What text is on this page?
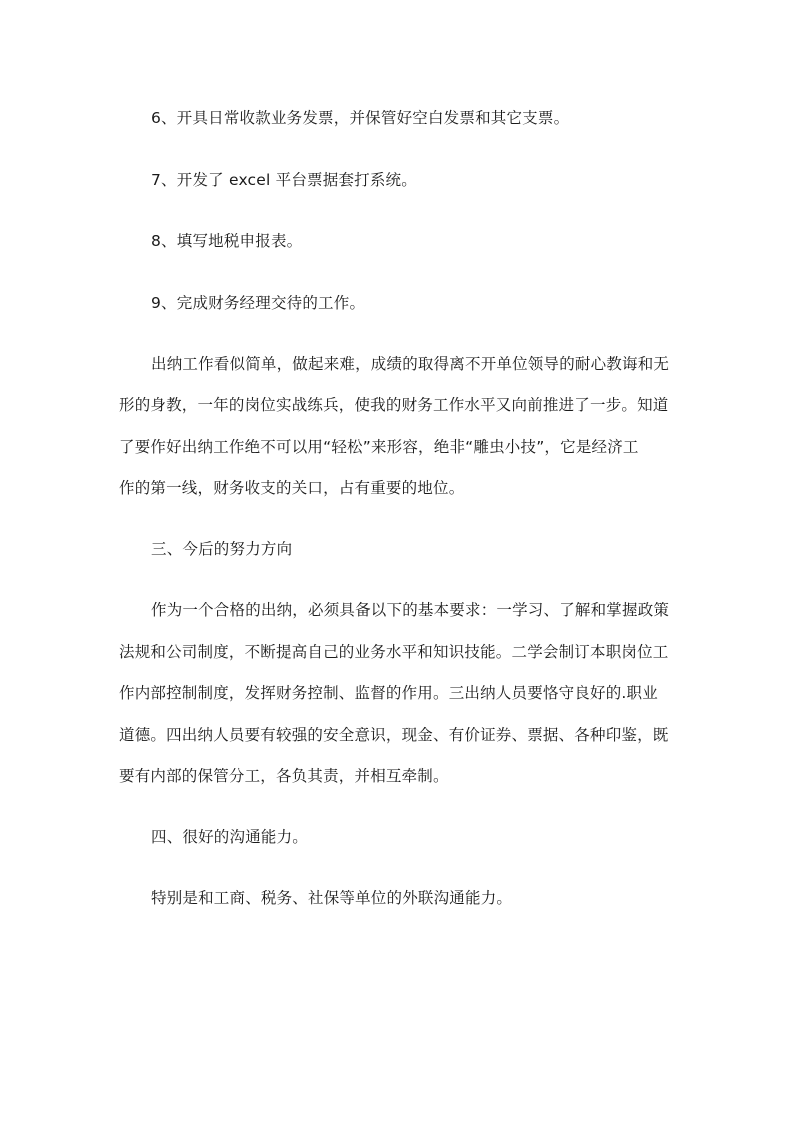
6、开具日常收款业务发票，并保管好空白发票和其它支票。
7、开发了 excel 平台票据套打系统。
8、填写地税申报表。
9、完成财务经理交待的工作。
出纳工作看似简单，做起来难，成绩的取得离不开单位领导的耐心教诲和无
形的身教，一年的岗位实战练兵，使我的财务工作水平又向前推进了一步。知道
了要作好出纳工作绝不可以用“轻松”来形容，绝非“雕虫小技”，它是经济工
作的第一线，财务收支的关口，占有重要的地位。
三、今后的努力方向
作为一个合格的出纳，必须具备以下的基本要求：一学习、了解和掌握政策
法规和公司制度，不断提高自己的业务水平和知识技能。二学会制订本职岗位工
作内部控制制度，发挥财务控制、监督的作用。三出纳人员要恪守良好的.职业
道德。四出纳人员要有较强的安全意识，现金、有价证券、票据、各种印鉴，既
要有内部的保管分工，各负其责，并相互牵制。
四、很好的沟通能力。
特别是和工商、税务、社保等单位的外联沟通能力。
